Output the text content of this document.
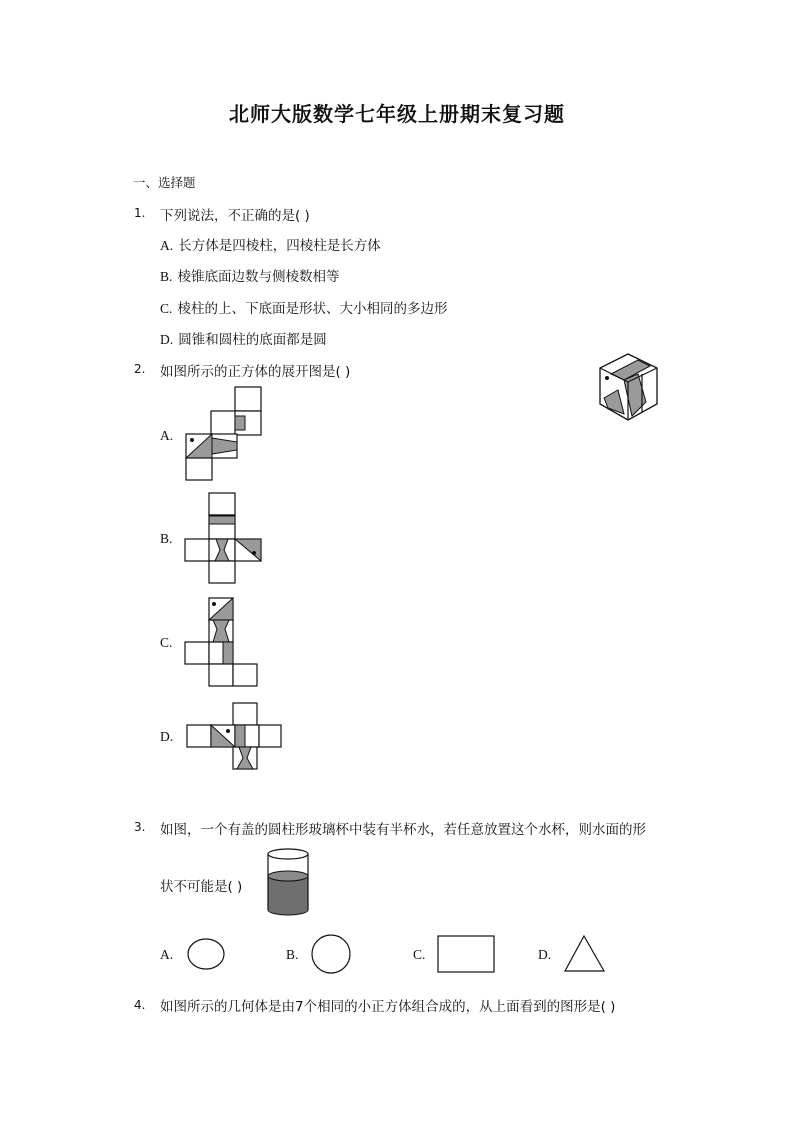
北师大版数学七年级上册期末复习题
一、选择题
1. 下列说法，不正确的是( )
A. 长方体是四棱柱，四棱柱是长方体
B. 棱锥底面边数与侧棱数相等
C. 棱柱的上、下底面是形状、大小相同的多边形
D. 圆锥和圆柱的底面都是圆
2. 如图所示的正方体的展开图是( )
A.
B.
C.
D.
3. 如图，一个有盖的圆柱形玻璃杯中装有半杯水，若任意放置这个水杯，则水面的形
状不可能是( )
A.	B.	C.	D.
4. 如图所示的几何体是由7个相同的小正方体组合成的，从上面看到的图形是( )
